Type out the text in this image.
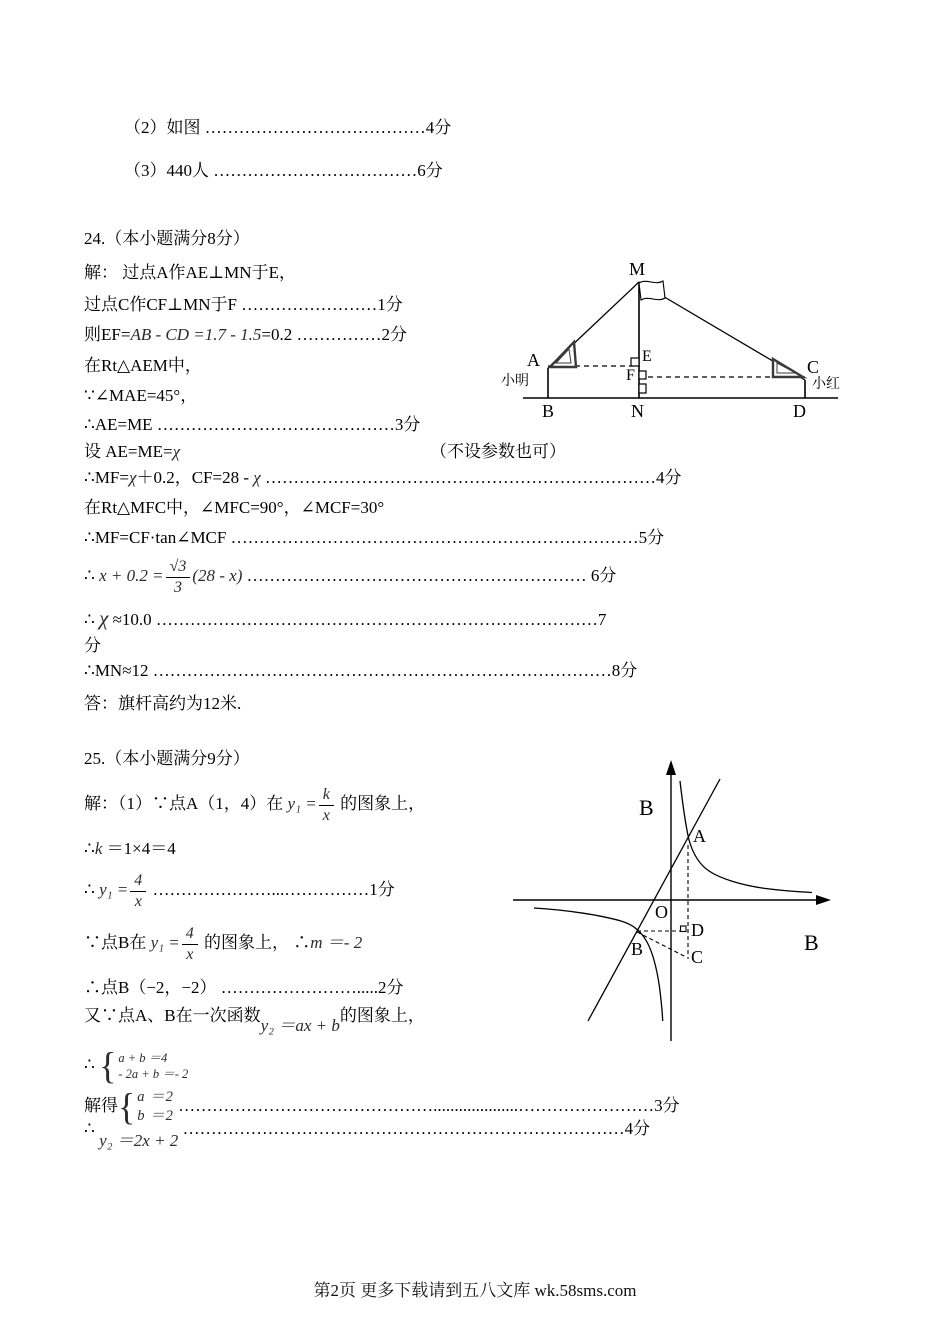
（2）如图 …………………………………4分
（3）440人 ………………………………6分
24.（本小题满分8分）
解： 过点A作AE⊥MN于E，
过点C作CF⊥MN于F ……………………1分
则EF=AB - CD =1.7 - 1.5=0.2 ……………2分
在Rt△AEM中，
∵∠MAE=45°，
∴AE=ME ……………………………………3分
设 AE=ME=χ	（不设参数也可）
∴MF=χ＋0.2，CF=28 - χ ……………………………………………………………4分
在Rt△MFC中，∠MFC=90°，∠MCF=30°
∴MF=CF·tan∠MCF ………………………………………………………………5分
∴ $x + 0.2 = \frac{√3}{3} (28 - x)$ …………………………………………………… 6分
∴ χ ≈10.0 ……………………………………………………………………7
分
∴MN≈12 ………………………………………………………………………8分
答：旗杆高约为12米.
M
E
F
A
小明
B	N	D
C
小红
25.（本小题满分9分）
解：（1）∵点A（1，4）在 $y_1 = \frac{k}{x}$ 的图象上，
∴k ＝1×4＝4
∴ $y_1 = \frac{4}{x}$ …………………...……………1分
∵点B在 $y_1 = \frac{4}{x}$ 的图象上， ∴m ＝- 2
∴点B（−2，−2） …………………….....2分
又∵点A、B在一次函数y₂ ＝ax + b的图象上，
∴ { a + b ＝4
- 2a + b ＝- 2
解得 { a ＝2
b ＝2
………………………………………....................……………………3分
∴ y₂ ＝2x + 2 ……………………………………………………………………4分
B
A
O
D	B
B	C
第2页 更多下载请到五八文库 wk.58sms.com
